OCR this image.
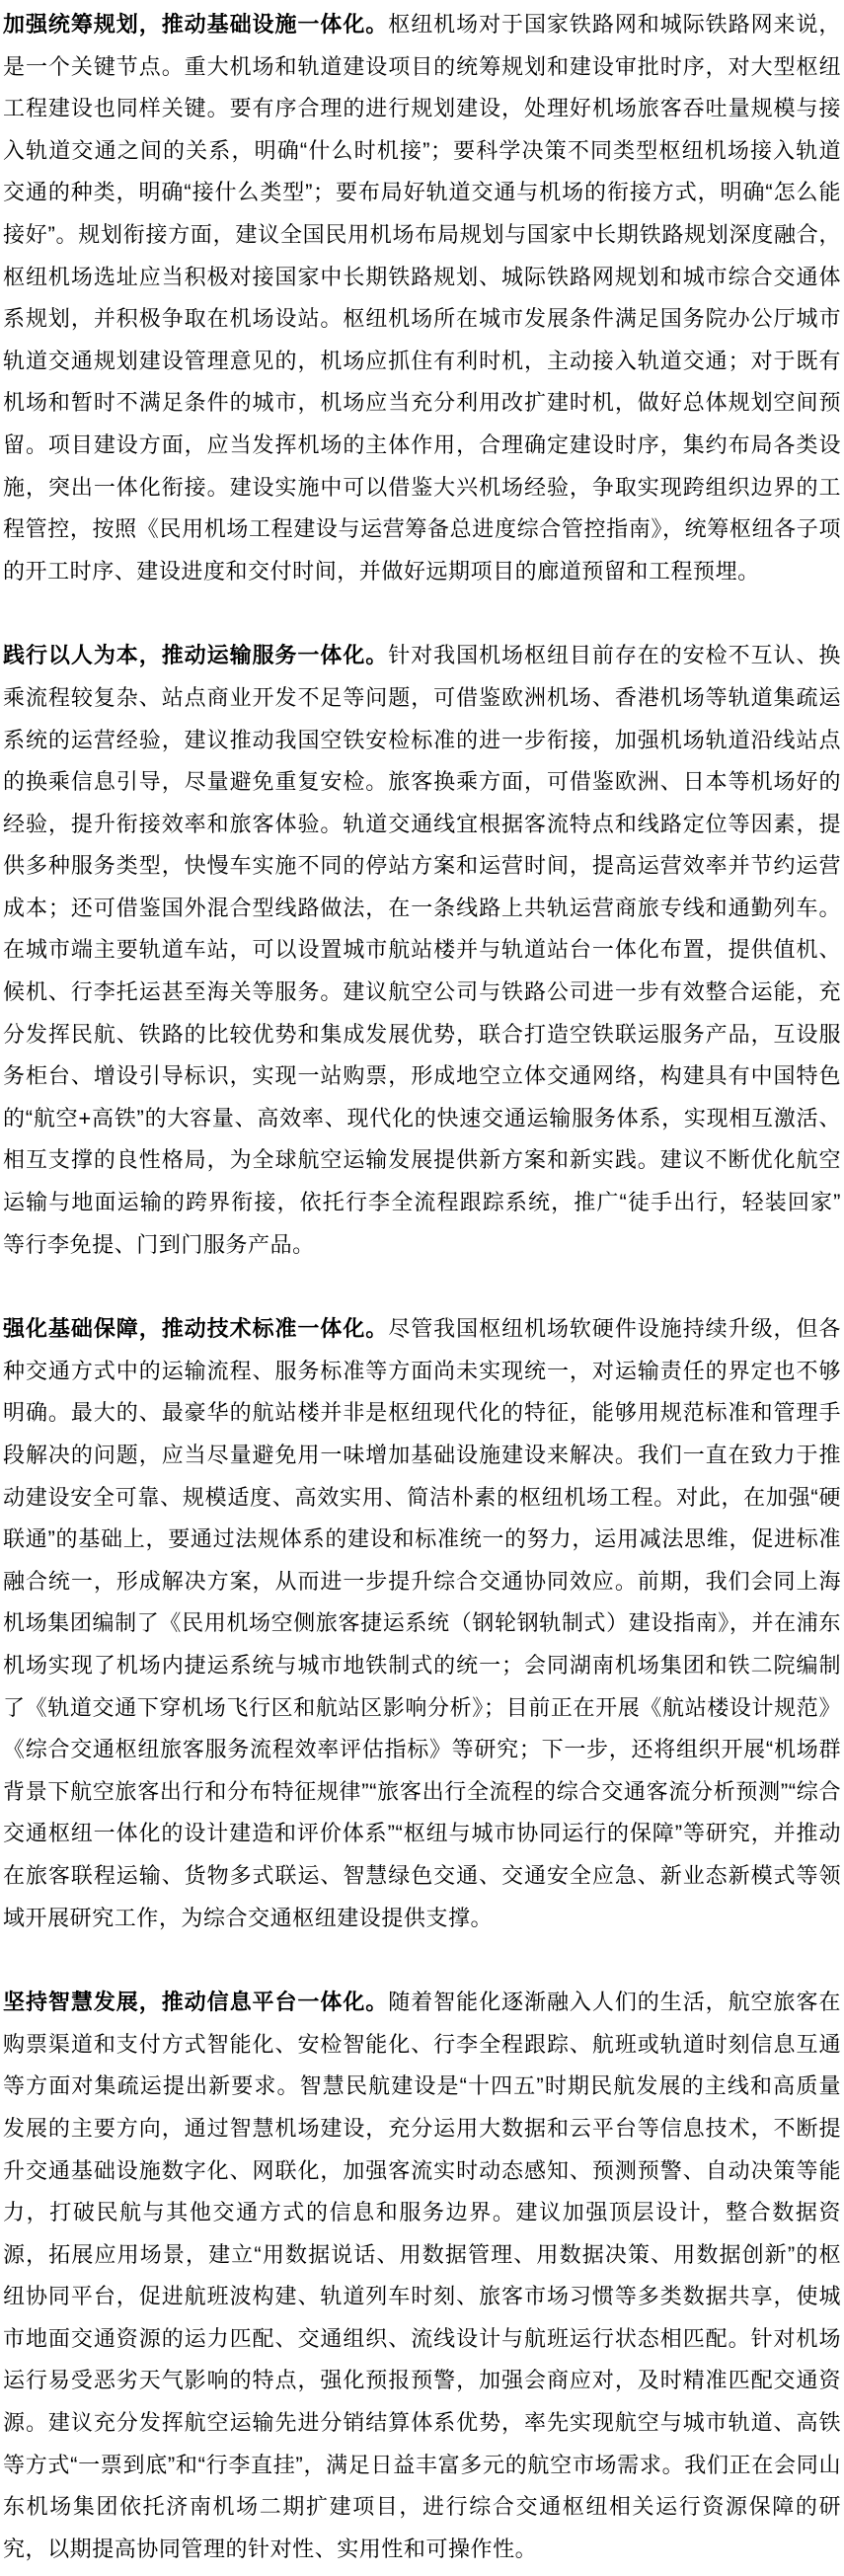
加强统筹规划，推动基础设施一体化。枢纽机场对于国家铁路网和城际铁路网来说，是一个关键节点。重大机场和轨道建设项目的统筹规划和建设审批时序，对大型枢纽工程建设也同样关键。要有序合理的进行规划建设，处理好机场旅客吞吐量规模与接入轨道交通之间的关系，明确“什么时机接”；要科学决策不同类型枢纽机场接入轨道交通的种类，明确“接什么类型”；要布局好轨道交通与机场的衔接方式，明确“怎么能接好”。规划衔接方面，建议全国民用机场布局规划与国家中长期铁路规划深度融合，枢纽机场选址应当积极对接国家中长期铁路规划、城际铁路网规划和城市综合交通体系规划，并积极争取在机场设站。枢纽机场所在城市发展条件满足国务院办公厅城市轨道交通规划建设管理意见的，机场应抓住有利时机，主动接入轨道交通；对于既有机场和暂时不满足条件的城市，机场应当充分利用改扩建时机，做好总体规划空间预留。项目建设方面，应当发挥机场的主体作用，合理确定建设时序，集约布局各类设施，突出一体化衔接。建设实施中可以借鉴大兴机场经验，争取实现跨组织边界的工程管控，按照《民用机场工程建设与运营筹备总进度综合管控指南》，统筹枢纽各子项的开工时序、建设进度和交付时间，并做好远期项目的廊道预留和工程预埋。

践行以人为本，推动运输服务一体化。针对我国机场枢纽目前存在的安检不互认、换乘流程较复杂、站点商业开发不足等问题，可借鉴欧洲机场、香港机场等轨道集疏运系统的运营经验，建议推动我国空铁安检标准的进一步衔接，加强机场轨道沿线站点的换乘信息引导，尽量避免重复安检。旅客换乘方面，可借鉴欧洲、日本等机场好的经验，提升衔接效率和旅客体验。轨道交通线宜根据客流特点和线路定位等因素，提供多种服务类型，快慢车实施不同的停站方案和运营时间，提高运营效率并节约运营成本；还可借鉴国外混合型线路做法，在一条线路上共轨运营商旅专线和通勤列车。在城市端主要轨道车站，可以设置城市航站楼并与轨道站台一体化布置，提供值机、候机、行李托运甚至海关等服务。建议航空公司与铁路公司进一步有效整合运能，充分发挥民航、铁路的比较优势和集成发展优势，联合打造空铁联运服务产品，互设服务柜台、增设引导标识，实现一站购票，形成地空立体交通网络，构建具有中国特色的“航空+高铁”的大容量、高效率、现代化的快速交通运输服务体系，实现相互激活、相互支撑的良性格局，为全球航空运输发展提供新方案和新实践。建议不断优化航空运输与地面运输的跨界衔接，依托行李全流程跟踪系统，推广“徒手出行，轻装回家”等行李免提、门到门服务产品。

强化基础保障，推动技术标准一体化。尽管我国枢纽机场软硬件设施持续升级，但各种交通方式中的运输流程、服务标准等方面尚未实现统一，对运输责任的界定也不够明确。最大的、最豪华的航站楼并非是枢纽现代化的特征，能够用规范标准和管理手段解决的问题，应当尽量避免用一味增加基础设施建设来解决。我们一直在致力于推动建设安全可靠、规模适度、高效实用、简洁朴素的枢纽机场工程。对此，在加强“硬联通”的基础上，要通过法规体系的建设和标准统一的努力，运用减法思维，促进标准融合统一，形成解决方案，从而进一步提升综合交通协同效应。前期，我们会同上海机场集团编制了《民用机场空侧旅客捷运系统（钢轮钢轨制式）建设指南》，并在浦东机场实现了机场内捷运系统与城市地铁制式的统一；会同湖南机场集团和铁二院编制了《轨道交通下穿机场飞行区和航站区影响分析》；目前正在开展《航站楼设计规范》《综合交通枢纽旅客服务流程效率评估指标》等研究；下一步，还将组织开展“机场群背景下航空旅客出行和分布特征规律”“旅客出行全流程的综合交通客流分析预测”“综合交通枢纽一体化的设计建造和评价体系”“枢纽与城市协同运行的保障”等研究，并推动在旅客联程运输、货物多式联运、智慧绿色交通、交通安全应急、新业态新模式等领域开展研究工作，为综合交通枢纽建设提供支撑。

坚持智慧发展，推动信息平台一体化。随着智能化逐渐融入人们的生活，航空旅客在购票渠道和支付方式智能化、安检智能化、行李全程跟踪、航班或轨道时刻信息互通等方面对集疏运提出新要求。智慧民航建设是“十四五”时期民航发展的主线和高质量发展的主要方向，通过智慧机场建设，充分运用大数据和云平台等信息技术，不断提升交通基础设施数字化、网联化，加强客流实时动态感知、预测预警、自动决策等能力，打破民航与其他交通方式的信息和服务边界。建议加强顶层设计，整合数据资源，拓展应用场景，建立“用数据说话、用数据管理、用数据决策、用数据创新”的枢纽协同平台，促进航班波构建、轨道列车时刻、旅客市场习惯等多类数据共享，使城市地面交通资源的运力匹配、交通组织、流线设计与航班运行状态相匹配。针对机场运行易受恶劣天气影响的特点，强化预报预警，加强会商应对，及时精准匹配交通资源。建议充分发挥航空运输先进分销结算体系优势，率先实现航空与城市轨道、高铁等方式“一票到底”和“行李直挂”，满足日益丰富多元的航空市场需求。我们正在会同山东机场集团依托济南机场二期扩建项目，进行综合交通枢纽相关运行资源保障的研究，以期提高协同管理的针对性、实用性和可操作性。
